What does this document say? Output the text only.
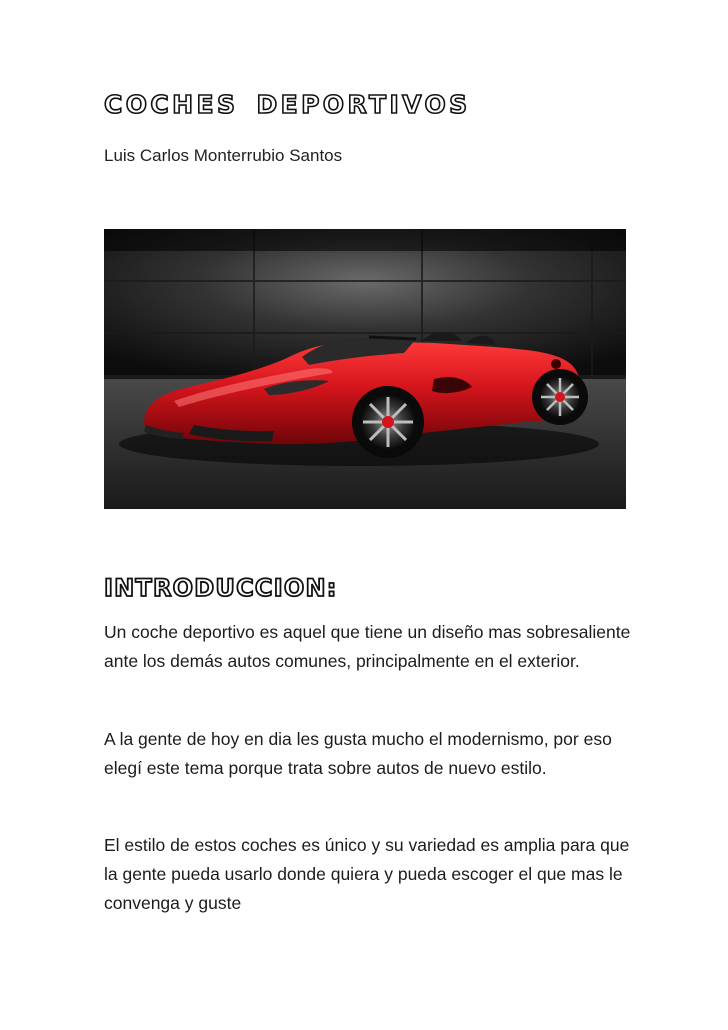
COCHES DEPORTIVOS
Luis Carlos Monterrubio Santos
INTRODUCCION:

Un coche deportivo es aquel que tiene un diseño mas sobresaliente ante los demás autos comunes, principalmente en el exterior.

A la gente de hoy en dia les gusta mucho el modernismo, por eso elegí este tema porque trata sobre autos de nuevo estilo.

El estilo de estos coches es único y su variedad es amplia para que la gente pueda usarlo donde quiera y pueda escoger el que mas le convenga y guste
